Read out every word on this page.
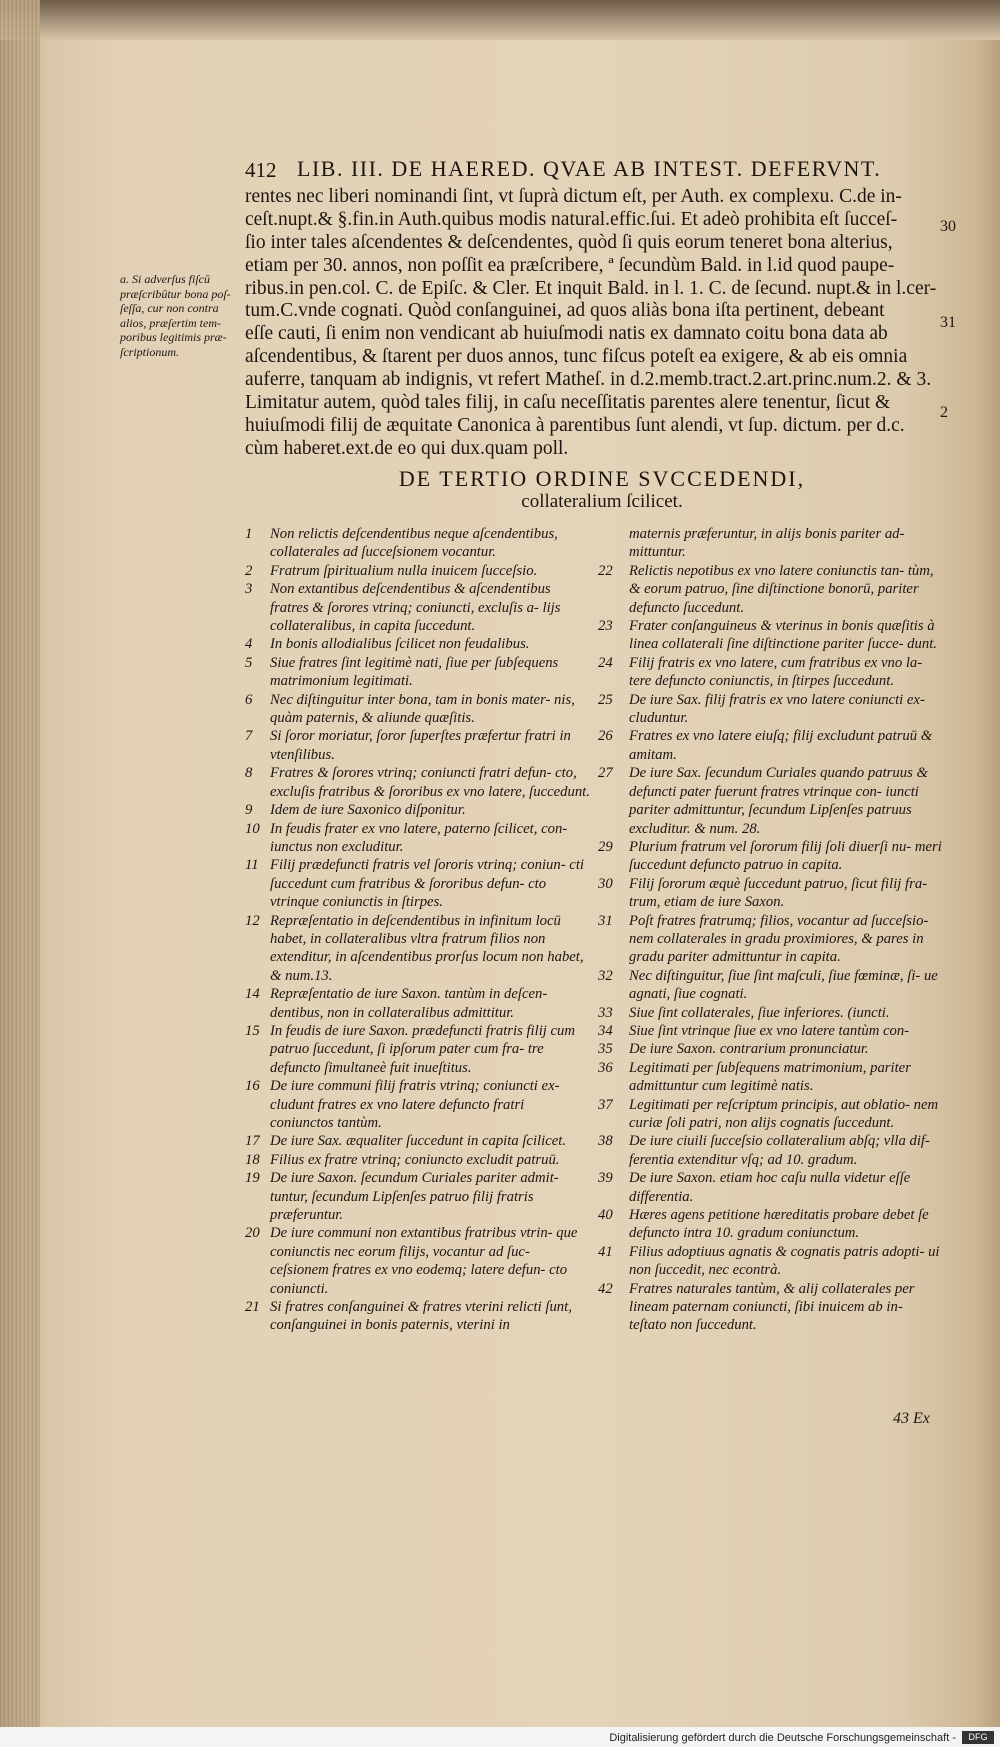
412 LIB. III. DE HAERED. QVAE AB INTEST. DEFERVNT.
rentes nec liberi nominandi ſint, vt ſuprà dictum eſt, per Auth. ex complexu. C.de in-
ceſt.nupt.& §.fin.in Auth.quibus modis natural.effic.ſui. Et adeò prohibita eſt ſucceſ-
ſio inter tales aſcendentes & deſcendentes, quòd ſi quis eorum teneret bona alterius,
etiam per 30. annos, non poſſit ea præſcribere, ª ſecundùm Bald. in l.id quod paupe-
ribus.in pen.col. C. de Epiſc. & Cler. Et inquit Bald. in l. 1. C. de ſecund. nupt.& in l.cer-
tum.C.vnde cognati. Quòd conſanguinei, ad quos aliàs bona iſta pertinent, debeant
eſſe cauti, ſi enim non vendicant ab huiuſmodi natis ex damnato coitu bona data ab
aſcendentibus, & ſtarent per duos annos, tunc fiſcus poteſt ea exigere, & ab eis omnia
auferre, tanquam ab indignis, vt refert Matheſ. in d.2.memb.tract.2.art.princ.num.2. & 3.
Limitatur autem, quòd tales filij, in caſu neceſſitatis parentes alere tenentur, ſicut &
huiuſmodi filij de æquitate Canonica à parentibus ſunt alendi, vt ſup. dictum. per d.c.
cùm haberet.ext.de eo qui dux.quam poll.
a. Si adverſus fiſcū præſcribūtur bona poſ- ſeſſa, cur non contra alios, præſertim tem- poribus legitimis præ- ſcriptionum.
30
31
2
DE TERTIO ORDINE SVCCEDENDI,
collateralium ſcilicet.
1 Non relictis deſcendentibus neque aſcendentibus, collaterales ad ſucceſsionem vocantur.
2 Fratrum ſpiritualium nulla inuicem ſucceſsio.
3 Non extantibus deſcendentibus & aſcendentibus fratres & ſorores vtrinq; coniuncti, excluſis a- lijs collateralibus, in capita ſuccedunt.
4 In bonis allodialibus ſcilicet non feudalibus.
5 Siue fratres ſint legitimè nati, ſiue per ſubſequens matrimonium legitimati.
6 Nec diſtinguitur inter bona, tam in bonis mater- nis, quàm paternis, & aliunde quæſitis.
7 Si ſoror moriatur, ſoror ſuperſtes præfertur fratri in vtenſilibus.
8 Fratres & ſorores vtrinq; coniuncti fratri defun- cto, excluſis fratribus & ſororibus ex vno latere, ſuccedunt.
9 Idem de iure Saxonico diſponitur.
10 In feudis frater ex vno latere, paterno ſcilicet, con- iunctus non excluditur.
11 Filij prædefuncti fratris vel ſororis vtrinq; coniun- cti ſuccedunt cum fratribus & ſororibus defun- cto vtrinque coniunctis in ſtirpes.
12 Repræſentatio in deſcendentibus in infinitum locū habet, in collateralibus vltra fratrum filios non extenditur, in aſcendentibus prorſus locum non habet, & num.13.
14 Repræſentatio de iure Saxon. tantùm in deſcen- dentibus, non in collateralibus admittitur.
15 In feudis de iure Saxon. prædefuncti fratris filij cum patruo ſuccedunt, ſi ipſorum pater cum fra- tre defuncto ſimultaneè fuit inueſtitus.
16 De iure communi filij fratris vtrinq; coniuncti ex- cludunt fratres ex vno latere defuncto fratri coniunctos tantùm.
17 De iure Sax. æqualiter ſuccedunt in capita ſcilicet.
18 Filius ex fratre vtrinq; coniuncto excludit patruū.
19 De iure Saxon. ſecundum Curiales pariter admit- tuntur, ſecundum Lipſenſes patruo filij fratris præferuntur.
20 De iure communi non extantibus fratribus vtrin- que coniunctis nec eorum filijs, vocantur ad ſuc- ceſsionem fratres ex vno eodemq; latere defun- cto coniuncti.
21 Si fratres conſanguinei & fratres vterini relicti ſunt, conſanguinei in bonis paternis, vterini in
maternis præferuntur, in alijs bonis pariter ad- mittuntur.
22 Relictis nepotibus ex vno latere coniunctis tan- tùm, & eorum patruo, ſine diſtinctione bonorū, pariter defuncto ſuccedunt.
23 Frater conſanguineus & vterinus in bonis quæſitis à linea collaterali ſine diſtinctione pariter ſucce- dunt.
24 Filij fratris ex vno latere, cum fratribus ex vno la- tere defuncto coniunctis, in ſtirpes ſuccedunt.
25 De iure Sax. filij fratris ex vno latere coniuncti ex- cluduntur.
26 Fratres ex vno latere eiuſq; filij excludunt patruū & amitam.
27 De iure Sax. ſecundum Curiales quando patruus & defuncti pater fuerunt fratres vtrinque con- iuncti pariter admittuntur, ſecundum Lipſenſes patruus excluditur. & num. 28.
29 Plurium fratrum vel ſororum filij ſoli diuerſi nu- meri ſuccedunt defuncto patruo in capita.
30 Filij ſororum æquè ſuccedunt patruo, ſicut filij fra- trum, etiam de iure Saxon.
31 Poſt fratres fratrumq; filios, vocantur ad ſucceſsio- nem collaterales in gradu proximiores, & pares in gradu pariter admittuntur in capita.
32 Nec diſtinguitur, ſiue ſint maſculi, ſiue fœminæ, ſi- ue agnati, ſiue cognati.
33 Siue ſint collaterales, ſiue inferiores. (iuncti.
34 Siue ſint vtrinque ſiue ex vno latere tantùm con-
35 De iure Saxon. contrarium pronunciatur.
36 Legitimati per ſubſequens matrimonium, pariter admittuntur cum legitimè natis.
37 Legitimati per reſcriptum principis, aut oblatio- nem curiæ ſoli patri, non alijs cognatis ſuccedunt.
38 De iure ciuili ſucceſsio collateralium abſq; vlla dif- ferentia extenditur vſq; ad 10. gradum.
39 De iure Saxon. etiam hoc caſu nulla videtur eſſe differentia.
40 Hæres agens petitione hæreditatis probare debet ſe defuncto intra 10. gradum coniunctum.
41 Filius adoptiuus agnatis & cognatis patris adopti- ui non ſuccedit, nec econtrà.
42 Fratres naturales tantùm, & alij collaterales per lineam paternam coniuncti, ſibi inuicem ab in- teſtato non ſuccedunt.
43 Ex
Digitalisierung gefördert durch die Deutsche Forschungsgemeinschaft -	DFG
